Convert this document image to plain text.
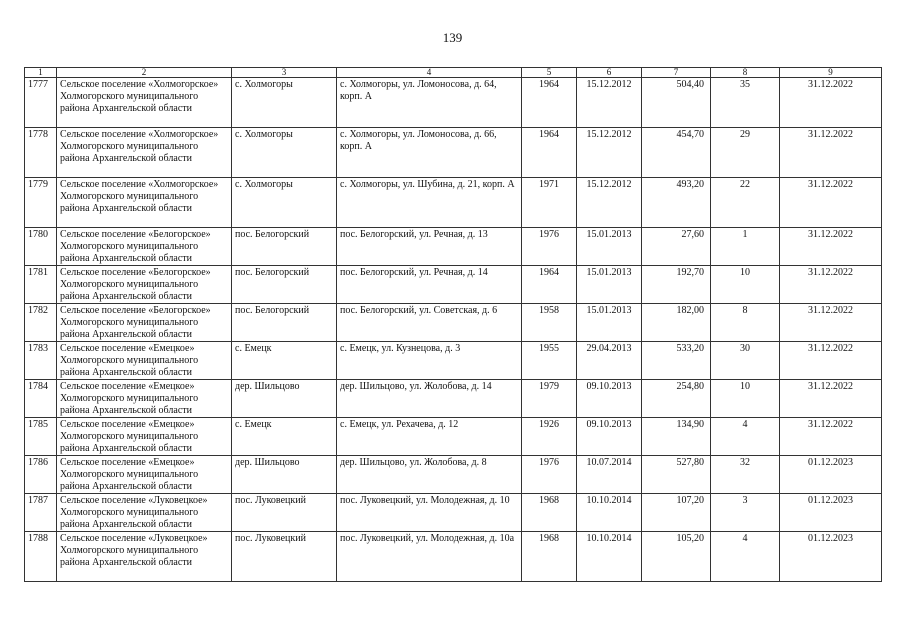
139
1	2	3	4	5	6	7	8	9
1777	Сельское поселение «Холмогорское» Холмогорского муниципального района Архангельской области	с. Холмогоры	с. Холмогоры, ул. Ломоносова, д. 64, корп. А	1964	15.12.2012	504,40	35	31.12.2022
1778	Сельское поселение «Холмогорское» Холмогорского муниципального района Архангельской области	с. Холмогоры	с. Холмогоры, ул. Ломоносова, д. 66, корп. А	1964	15.12.2012	454,70	29	31.12.2022
1779	Сельское поселение «Холмогорское» Холмогорского муниципального района Архангельской области	с. Холмогоры	с. Холмогоры, ул. Шубина, д. 21, корп. А	1971	15.12.2012	493,20	22	31.12.2022
1780	Сельское поселение «Белогорское» Холмогорского муниципального района Архангельской области	пос. Белогорский	пос. Белогорский, ул. Речная, д. 13	1976	15.01.2013	27,60	1	31.12.2022
1781	Сельское поселение «Белогорское» Холмогорского муниципального района Архангельской области	пос. Белогорский	пос. Белогорский, ул. Речная, д. 14	1964	15.01.2013	192,70	10	31.12.2022
1782	Сельское поселение «Белогорское» Холмогорского муниципального района Архангельской области	пос. Белогорский	пос. Белогорский, ул. Советская, д. 6	1958	15.01.2013	182,00	8	31.12.2022
1783	Сельское поселение «Емецкое» Холмогорского муниципального района Архангельской области	с. Емецк	с. Емецк, ул. Кузнецова, д. 3	1955	29.04.2013	533,20	30	31.12.2022
1784	Сельское поселение «Емецкое» Холмогорского муниципального района Архангельской области	дер. Шильцово	дер. Шильцово, ул. Жолобова, д. 14	1979	09.10.2013	254,80	10	31.12.2022
1785	Сельское поселение «Емецкое» Холмогорского муниципального района Архангельской области	с. Емецк	с. Емецк, ул. Рехачева, д. 12	1926	09.10.2013	134,90	4	31.12.2022
1786	Сельское поселение «Емецкое» Холмогорского муниципального района Архангельской области	дер. Шильцово	дер. Шильцово, ул. Жолобова, д. 8	1976	10.07.2014	527,80	32	01.12.2023
1787	Сельское поселение «Луковецкое» Холмогорского муниципального района Архангельской области	пос. Луковецкий	пос. Луковецкий, ул. Молодежная, д. 10	1968	10.10.2014	107,20	3	01.12.2023
1788	Сельское поселение «Луковецкое» Холмогорского муниципального района Архангельской области	пос. Луковецкий	пос. Луковецкий, ул. Молодежная, д. 10а	1968	10.10.2014	105,20	4	01.12.2023
